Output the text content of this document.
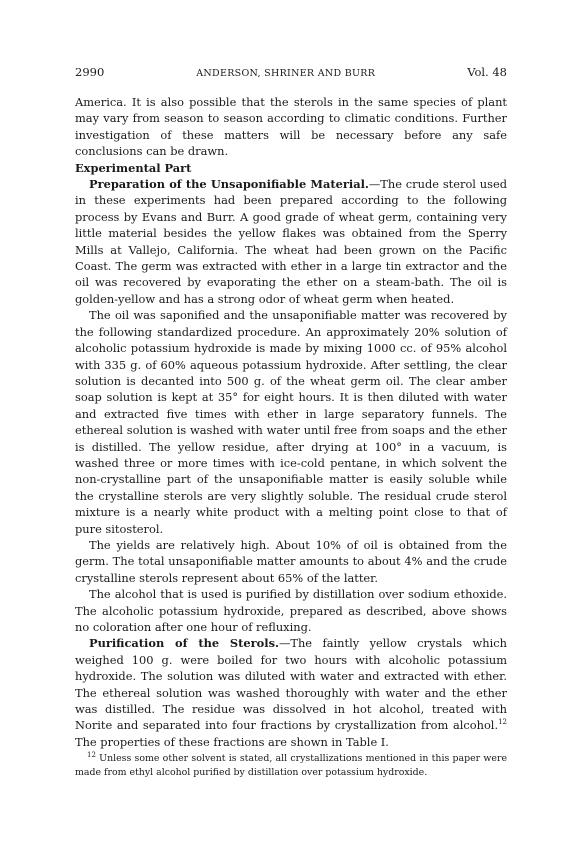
2990	ANDERSON, SHRINER AND BURR	Vol. 48

America. It is also possible that the sterols in the same species of plant may vary from season to season according to climatic conditions. Further investigation of these matters will be necessary before any safe conclusions can be drawn.

Experimental Part

Preparation of the Unsaponifiable Material.—The crude sterol used in these experiments had been prepared according to the following process by Evans and Burr. A good grade of wheat germ, containing very little material besides the yellow flakes was obtained from the Sperry Mills at Vallejo, California. The wheat had been grown on the Pacific Coast. The germ was extracted with ether in a large tin extractor and the oil was recovered by evaporating the ether on a steam-bath. The oil is golden-yellow and has a strong odor of wheat germ when heated.

The oil was saponified and the unsaponifiable matter was recovered by the following standardized procedure. An approximately 20% solution of alcoholic potassium hydroxide is made by mixing 1000 cc. of 95% alcohol with 335 g. of 60% aqueous potassium hydroxide. After settling, the clear solution is decanted into 500 g. of the wheat germ oil. The clear amber soap solution is kept at 35° for eight hours. It is then diluted with water and extracted five times with ether in large separatory funnels. The ethereal solution is washed with water until free from soaps and the ether is distilled. The yellow residue, after drying at 100° in a vacuum, is washed three or more times with ice-cold pentane, in which solvent the non-crystalline part of the unsaponifiable matter is easily soluble while the crystalline sterols are very slightly soluble. The residual crude sterol mixture is a nearly white product with a melting point close to that of pure sitosterol.

The yields are relatively high. About 10% of oil is obtained from the germ. The total unsaponifiable matter amounts to about 4% and the crude crystalline sterols represent about 65% of the latter.

The alcohol that is used is purified by distillation over sodium ethoxide. The alcoholic potassium hydroxide, prepared as described, above shows no coloration after one hour of refluxing.

Purification of the Sterols.—The faintly yellow crystals which weighed 100 g. were boiled for two hours with alcoholic potassium hydroxide. The solution was diluted with water and extracted with ether. The ethereal solution was washed thoroughly with water and the ether was distilled. The residue was dissolved in hot alcohol, treated with Norite and separated into four fractions by crystallization from alcohol.$^{12}$ The properties of these fractions are shown in Table I.

$^{12}$ Unless some other solvent is stated, all crystallizations mentioned in this paper were made from ethyl alcohol purified by distillation over potassium hydroxide.
